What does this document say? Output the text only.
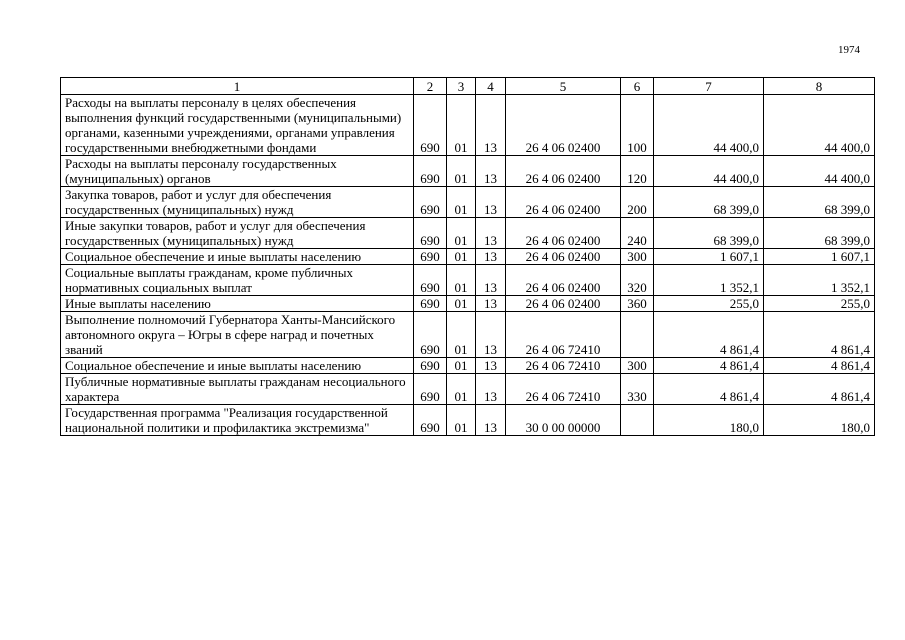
1974
1	2	3	4	5	6	7	8
Расходы на выплаты персоналу в целях обеспечения выполнения функций государственными (муниципальными) органами, казенными учреждениями, органами управления государственными внебюджетными фондами	690	01	13	26 4 06 02400	100	44 400,0	44 400,0
Расходы на выплаты персоналу государственных (муниципальных) органов	690	01	13	26 4 06 02400	120	44 400,0	44 400,0
Закупка товаров, работ и услуг для обеспечения государственных (муниципальных) нужд	690	01	13	26 4 06 02400	200	68 399,0	68 399,0
Иные закупки товаров, работ и услуг для обеспечения государственных (муниципальных) нужд	690	01	13	26 4 06 02400	240	68 399,0	68 399,0
Социальное обеспечение и иные выплаты населению	690	01	13	26 4 06 02400	300	1 607,1	1 607,1
Социальные выплаты гражданам, кроме публичных нормативных социальных выплат	690	01	13	26 4 06 02400	320	1 352,1	1 352,1
Иные выплаты населению	690	01	13	26 4 06 02400	360	255,0	255,0
Выполнение полномочий Губернатора Ханты-Мансийского автономного округа – Югры в сфере наград и почетных званий	690	01	13	26 4 06 72410		4 861,4	4 861,4
Социальное обеспечение и иные выплаты населению	690	01	13	26 4 06 72410	300	4 861,4	4 861,4
Публичные нормативные выплаты гражданам несоциального характера	690	01	13	26 4 06 72410	330	4 861,4	4 861,4
Государственная программа "Реализация государственной национальной политики и профилактика экстремизма"	690	01	13	30 0 00 00000		180,0	180,0
